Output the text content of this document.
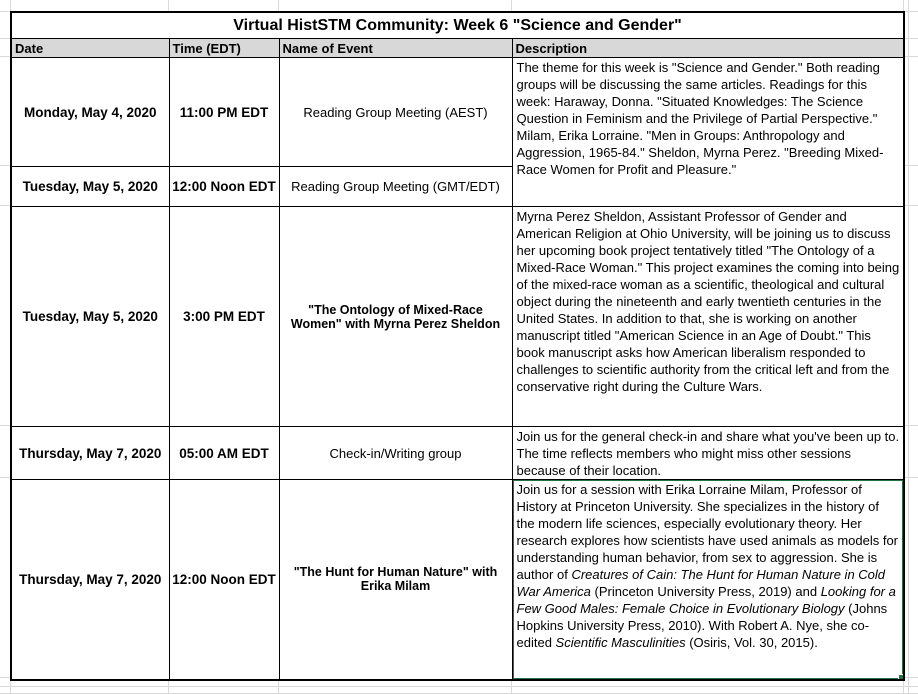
Virtual HistSTM Community: Week 6 "Science and Gender"			
Date	Time (EDT)	Name of Event	Description
Monday, May 4, 2020	11:00 PM EDT	Reading Group Meeting (AEST)	The theme for this week is "Science and Gender." Both reading groups will be discussing the same articles. Readings for this week: Haraway, Donna. "Situated Knowledges: The Science Question in Feminism and the Privilege of Partial Perspective." Milam, Erika Lorraine. "Men in Groups: Anthropology and Aggression, 1965-84." Sheldon, Myrna Perez. "Breeding Mixed-Race Women for Profit and Pleasure."
Tuesday, May 5, 2020	12:00 Noon EDT	Reading Group Meeting (GMT/EDT)	
Tuesday, May 5, 2020	3:00 PM EDT	"The Ontology of Mixed-Race Women" with Myrna Perez Sheldon	Myrna Perez Sheldon, Assistant Professor of Gender and American Religion at Ohio University, will be joining us to discuss her upcoming book project tentatively titled "The Ontology of a Mixed-Race Woman." This project examines the coming into being of the mixed-race woman as a scientific, theological and cultural object during the nineteenth and early twentieth centuries in the United States. In addition to that, she is working on another manuscript titled "American Science in an Age of Doubt." This book manuscript asks how American liberalism responded to challenges to scientific authority from the critical left and from the conservative right during the Culture Wars.
Thursday, May 7, 2020	05:00 AM EDT	Check-in/Writing group	Join us for the general check-in and share what you've been up to. The time reflects members who might miss other sessions because of their location.
Thursday, May 7, 2020	12:00 Noon EDT	"The Hunt for Human Nature" with Erika Milam	Join us for a session with Erika Lorraine Milam, Professor of History at Princeton University. She specializes in the history of the modern life sciences, especially evolutionary theory. Her research explores how scientists have used animals as models for understanding human behavior, from sex to aggression. She is author of Creatures of Cain: The Hunt for Human Nature in Cold War America (Princeton University Press, 2019) and Looking for a Few Good Males: Female Choice in Evolutionary Biology (Johns Hopkins University Press, 2010). With Robert A. Nye, she co-edited Scientific Masculinities (Osiris, Vol. 30, 2015).
